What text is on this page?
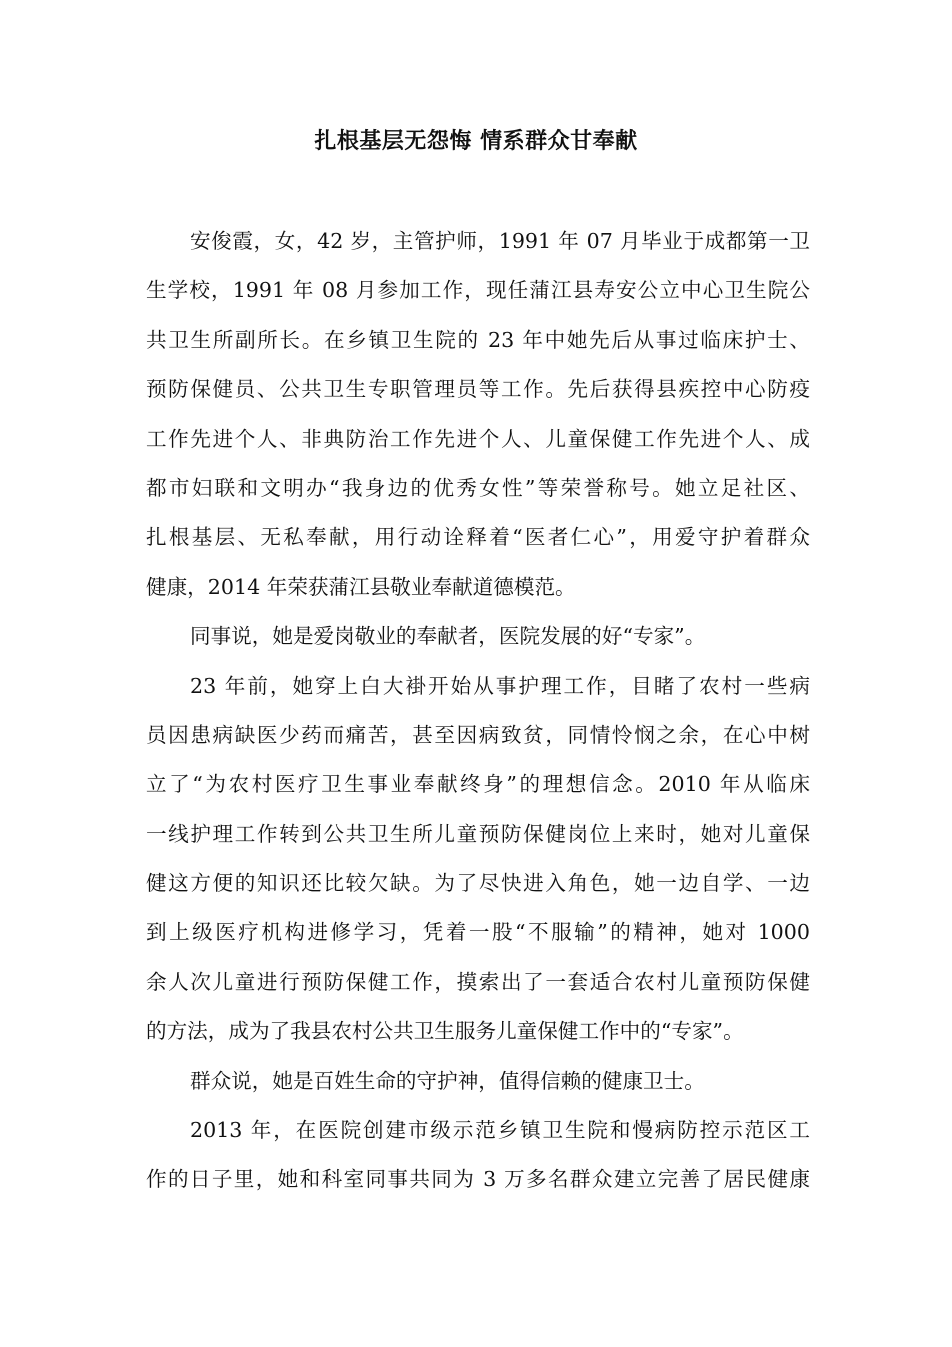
扎根基层无怨悔 情系群众甘奉献
安俊霞，女，42 岁，主管护师，1991 年 07 月毕业于成都第一卫
生学校，1991 年 08 月参加工作，现任蒲江县寿安公立中心卫生院公
共卫生所副所长。在乡镇卫生院的 23 年中她先后从事过临床护士、
预防保健员、公共卫生专职管理员等工作。先后获得县疾控中心防疫
工作先进个人、非典防治工作先进个人、儿童保健工作先进个人、成
都市妇联和文明办“我身边的优秀女性”等荣誉称号。她立足社区、
扎根基层、无私奉献，用行动诠释着“医者仁心”，用爱守护着群众
健康，2014 年荣获蒲江县敬业奉献道德模范。
同事说，她是爱岗敬业的奉献者，医院发展的好“专家”。
23 年前，她穿上白大褂开始从事护理工作，目睹了农村一些病
员因患病缺医少药而痛苦，甚至因病致贫，同情怜悯之余，在心中树
立了“为农村医疗卫生事业奉献终身”的理想信念。2010 年从临床
一线护理工作转到公共卫生所儿童预防保健岗位上来时，她对儿童保
健这方便的知识还比较欠缺。为了尽快进入角色，她一边自学、一边
到上级医疗机构进修学习，凭着一股“不服输”的精神，她对 1000
余人次儿童进行预防保健工作，摸索出了一套适合农村儿童预防保健
的方法，成为了我县农村公共卫生服务儿童保健工作中的“专家”。
群众说，她是百姓生命的守护神，值得信赖的健康卫士。
2013 年，在医院创建市级示范乡镇卫生院和慢病防控示范区工
作的日子里，她和科室同事共同为 3 万多名群众建立完善了居民健康
